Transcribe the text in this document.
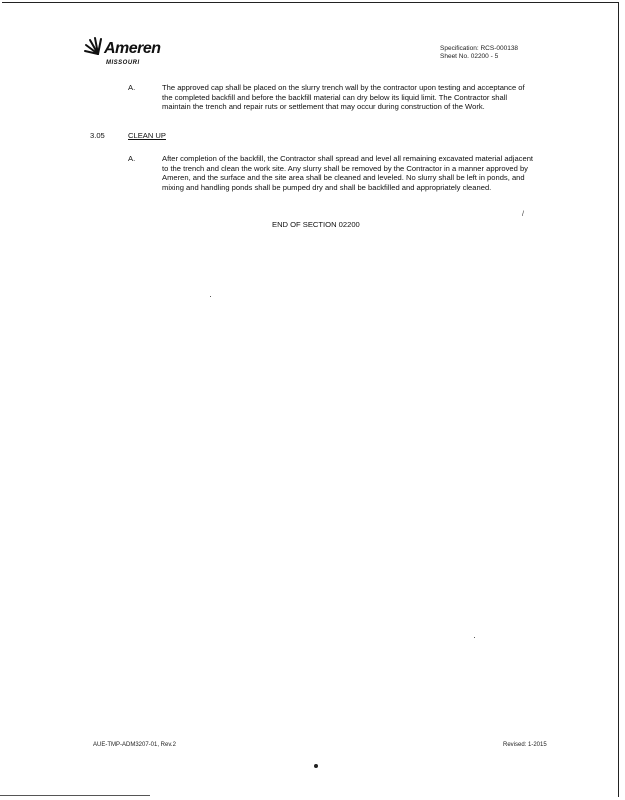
Ameren
MISSOURI
Specification: RCS-000138
Sheet No. 02200 - 5
A.	The approved cap shall be placed on the slurry trench wall by the contractor upon testing and acceptance of the completed backfill and before the backfill material can dry below its liquid limit. The Contractor shall maintain the trench and repair ruts or settlement that may occur during construction of the Work.
3.05	CLEAN UP
A.	After completion of the backfill, the Contractor shall spread and level all remaining excavated material adjacent to the trench and clean the work site. Any slurry shall be removed by the Contractor in a manner approved by Ameren, and the surface and the site area shall be cleaned and leveled. No slurry shall be left in ponds, and mixing and handling ponds shall be pumped dry and shall be backfilled and appropriately cleaned.
/
END OF SECTION 02200
AUE-TMP-ADM3207-01, Rev.2	Revised: 1-2015
